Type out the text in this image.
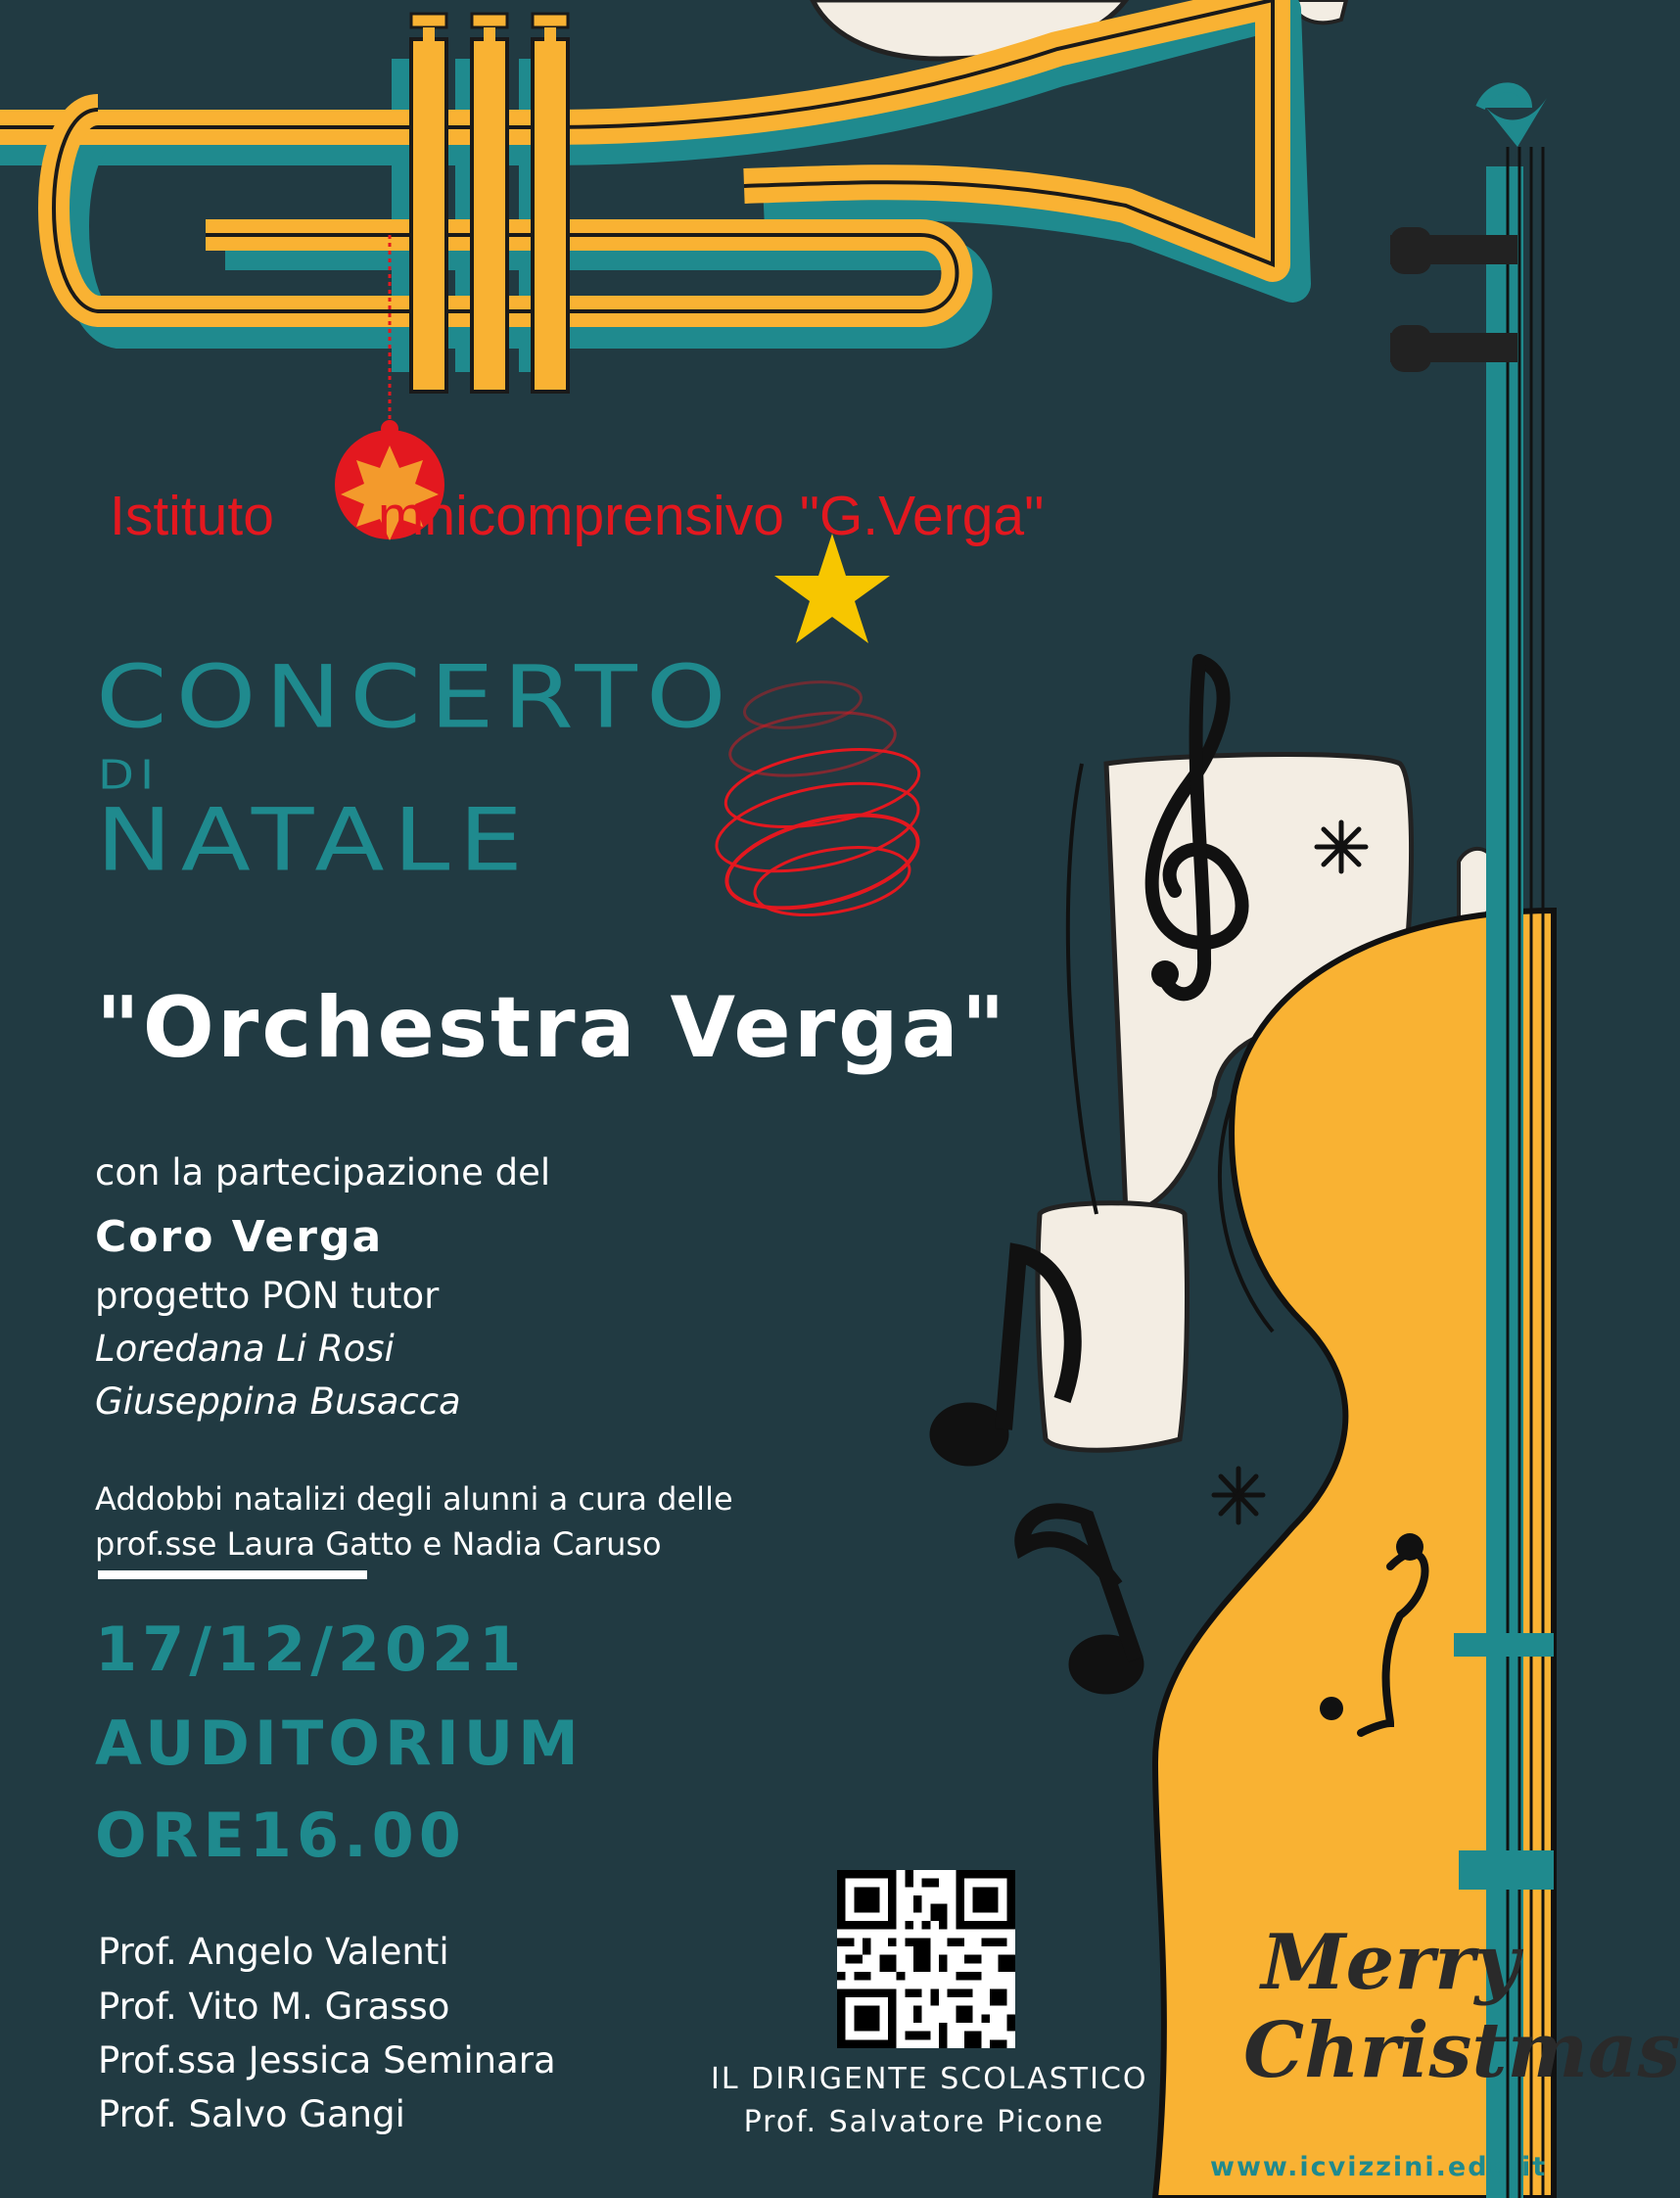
Istituto mnicomprensivo "G.Verga"
CONCERTO
DI
NATALE
"Orchestra Verga"
con la partecipazione del
Coro Verga
progetto PON tutor
Loredana Li Rosi
Giuseppina Busacca
Addobbi natalizi degli alunni a cura delle
prof.sse Laura Gatto e Nadia Caruso
17/12/2021
AUDITORIUM
ORE16.00
Prof. Angelo Valenti
Prof. Vito M. Grasso
Prof.ssa Jessica Seminara
Prof. Salvo Gangi
IL DIRIGENTE SCOLASTICO
Prof. Salvatore Picone
Merry
Christmas
www.icvizzini.edu.it
